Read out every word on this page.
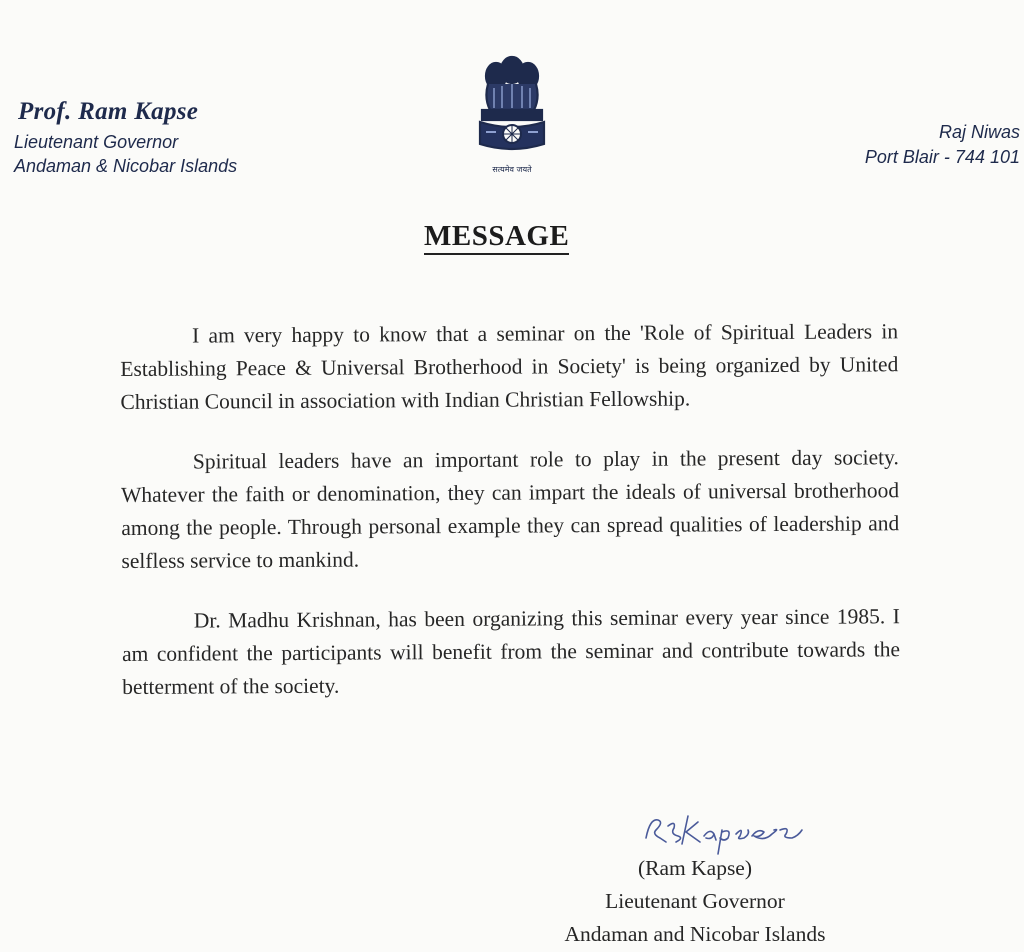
Prof. Ram Kapse
Lieutenant Governor
Andaman & Nicobar Islands	सत्यमेव जयते
Raj Niwas
Port Blair - 744 101
MESSAGE

I am very happy to know that a seminar on the 'Role of Spiritual Leaders in Establishing Peace & Universal Brotherhood in Society' is being organized by United Christian Council in association with Indian Christian Fellowship.

Spiritual leaders have an important role to play in the present day society. Whatever the faith or denomination, they can impart the ideals of universal brotherhood among the people. Through personal example they can spread qualities of leadership and selfless service to mankind.

Dr. Madhu Krishnan, has been organizing this seminar every year since 1985. I am confident the participants will benefit from the seminar and contribute towards the betterment of the society.

(Ram Kapse)
Lieutenant Governor
Andaman and Nicobar Islands
